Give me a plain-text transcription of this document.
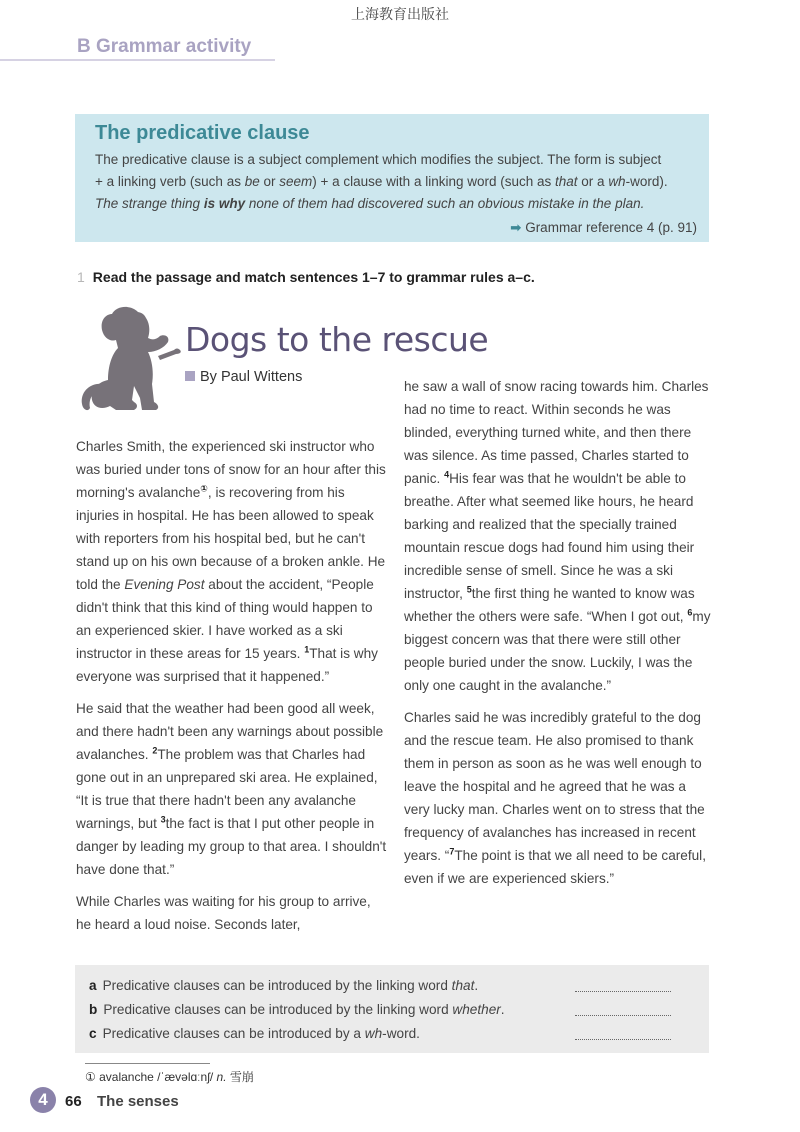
上海教育出版社
B Grammar activity
The predicative clause

The predicative clause is a subject complement which modifies the subject. The form is subject
+ a linking verb (such as be or seem) + a clause with a linking word (such as that or a wh-word).

The strange thing is why none of them had discovered such an obvious mistake in the plan.

➡ Grammar reference 4 (p. 91)

1 Read the passage and match sentences 1–7 to grammar rules a–c.
Dogs to the rescue
By Paul Wittens

Charles Smith, the experienced ski instructor who was buried under tons of snow for an hour after this morning's avalanche①, is recovering from his injuries in hospital. He has been allowed to speak with reporters from his hospital bed, but he can't stand up on his own because of a broken ankle. He told the Evening Post about the accident, “People didn't think that this kind of thing would happen to an experienced skier. I have worked as a ski instructor in these areas for 15 years. $^1$That is why everyone was surprised that it happened.”

He said that the weather had been good all week, and there hadn't been any warnings about possible avalanches. $^2$The problem was that Charles had gone out in an unprepared ski area. He explained, “It is true that there hadn't been any avalanche warnings, but $^3$the fact is that I put other people in danger by leading my group to that area. I shouldn't have done that.”

While Charles was waiting for his group to arrive, he heard a loud noise. Seconds later,

he saw a wall of snow racing towards him. Charles had no time to react. Within seconds he was blinded, everything turned white, and then there was silence. As time passed, Charles started to panic. $^4$His fear was that he wouldn't be able to breathe. After what seemed like hours, he heard barking and realized that the specially trained mountain rescue dogs had found him using their incredible sense of smell. Since he was a ski instructor, $^5$the first thing he wanted to know was whether the others were safe. “When I got out, $^6$my biggest concern was that there were still other people buried under the snow. Luckily, I was the only one caught in the avalanche.”

Charles said he was incredibly grateful to the dog and the rescue team. He also promised to thank them in person as soon as he was well enough to leave the hospital and he agreed that he was a very lucky man. Charles went on to stress that the frequency of avalanches has increased in recent years. “$^7$The point is that we all need to be careful, even if we are experienced skiers.”

a Predicative clauses can be introduced by the linking word that.
b Predicative clauses can be introduced by the linking word whether.
c Predicative clauses can be introduced by a wh-word.
① avalanche /ˈævəlɑːnʃ/ n. 雪崩
4	66 The senses
